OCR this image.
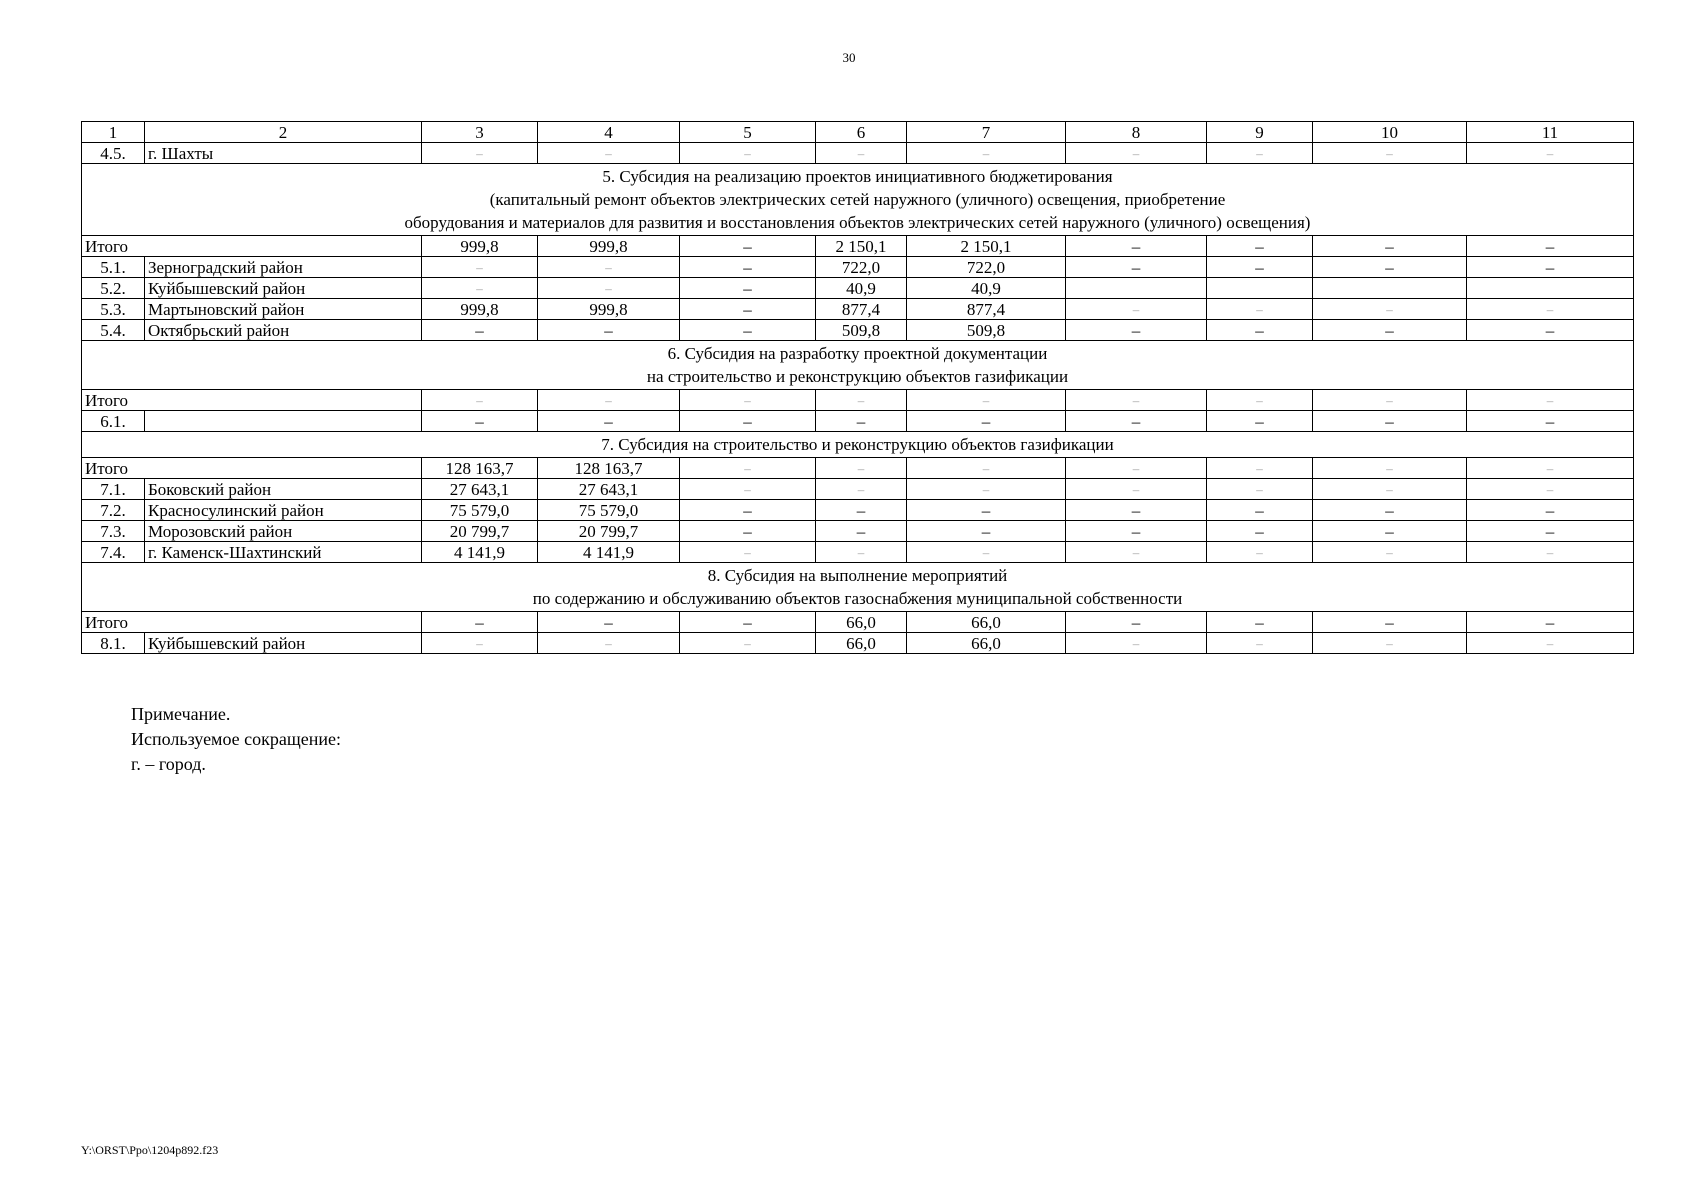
30
1	2	3	4	5	6	7	8	9	10	11
4.5.	г. Шахты	–	–	–	–	–	–	–	–	–

5. Субсидия на реализацию проектов инициативного бюджетирования
(капитальный ремонт объектов электрических сетей наружного (уличного) освещения, приобретение
оборудования и материалов для развития и восстановления объектов электрических сетей наружного (уличного) освещения)										

Итого		999,8	999,8	–	2 150,1	2 150,1	–	–	–	–
5.1.	Зерноградский район	–	–	–	722,0	722,0	–	–	–	–
5.2.	Куйбышевский район	–	–	–	40,9	40,9				
5.3.	Мартыновский район	999,8	999,8	–	877,4	877,4	–	–	–	–
5.4.	Октябрьский район	–	–	–	509,8	509,8	–	–	–	–

6. Субсидия на разработку проектной документации
на строительство и реконструкцию объектов газификации										

Итого		–	–	–	–	–	–	–	–	–
6.1.		–	–	–	–	–	–	–	–	–

7. Субсидия на строительство и реконструкцию объектов газификации										

Итого		128 163,7	128 163,7	–	–	–	–	–	–	–
7.1.	Боковский район	27 643,1	27 643,1	–	–	–	–	–	–	–
7.2.	Красносулинский район	75 579,0	75 579,0	–	–	–	–	–	–	–
7.3.	Морозовский район	20 799,7	20 799,7	–	–	–	–	–	–	–
7.4.	г. Каменск-Шахтинский	4 141,9	4 141,9	–	–	–	–	–	–	–

8. Субсидия на выполнение мероприятий
по содержанию и обслуживанию объектов газоснабжения муниципальной собственности										

Итого		–	–	–	66,0	66,0	–	–	–	–
8.1.	Куйбышевский район	–	–	–	66,0	66,0	–	–	–	–
Примечание.
Используемое сокращение:
г. – город.
Y:\ORST\Ppo\1204p892.f23
